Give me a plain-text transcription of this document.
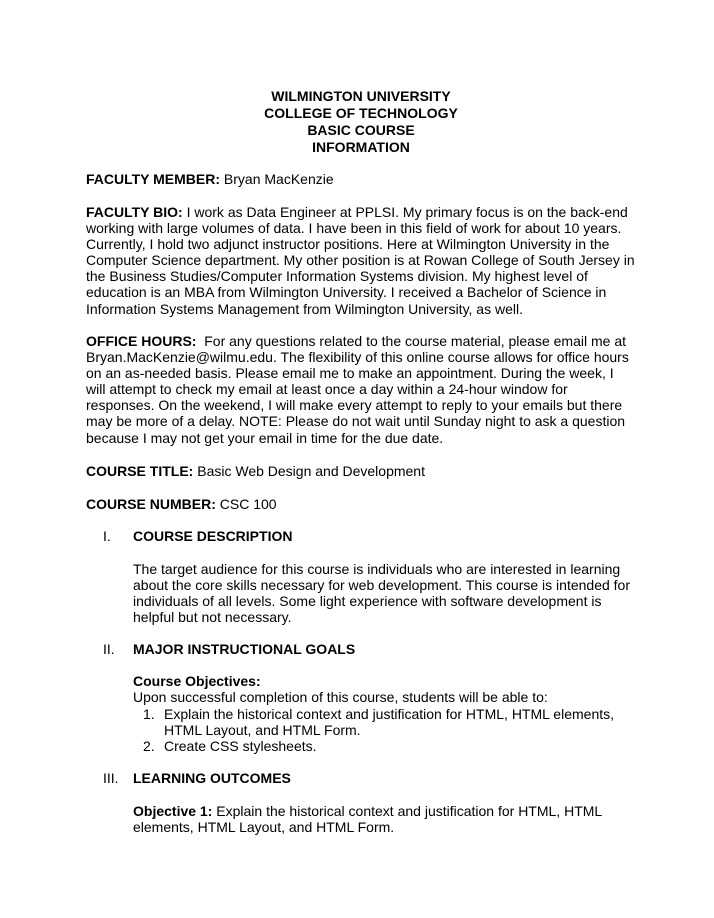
WILMINGTON UNIVERSITY
COLLEGE OF TECHNOLOGY
BASIC COURSE
INFORMATION
FACULTY MEMBER: Bryan MacKenzie
FACULTY BIO: I work as Data Engineer at PPLSI. My primary focus is on the back-end
working with large volumes of data. I have been in this field of work for about 10 years.
Currently, I hold two adjunct instructor positions. Here at Wilmington University in the
Computer Science department. My other position is at Rowan College of South Jersey in
the Business Studies/Computer Information Systems division. My highest level of
education is an MBA from Wilmington University. I received a Bachelor of Science in
Information Systems Management from Wilmington University, as well.
OFFICE HOURS:  For any questions related to the course material, please email me at
Bryan.MacKenzie@wilmu.edu. The flexibility of this online course allows for office hours
on an as-needed basis. Please email me to make an appointment. During the week, I
will attempt to check my email at least once a day within a 24-hour window for
responses. On the weekend, I will make every attempt to reply to your emails but there
may be more of a delay. NOTE: Please do not wait until Sunday night to ask a question
because I may not get your email in time for the due date.
COURSE TITLE: Basic Web Design and Development
COURSE NUMBER: CSC 100
I. COURSE DESCRIPTION
The target audience for this course is individuals who are interested in learning
about the core skills necessary for web development. This course is intended for
individuals of all levels. Some light experience with software development is
helpful but not necessary.
II. MAJOR INSTRUCTIONAL GOALS
Course Objectives:
Upon successful completion of this course, students will be able to:
1. Explain the historical context and justification for HTML, HTML elements,
HTML Layout, and HTML Form.
2. Create CSS stylesheets.
III. LEARNING OUTCOMES
Objective 1: Explain the historical context and justification for HTML, HTML
elements, HTML Layout, and HTML Form.
